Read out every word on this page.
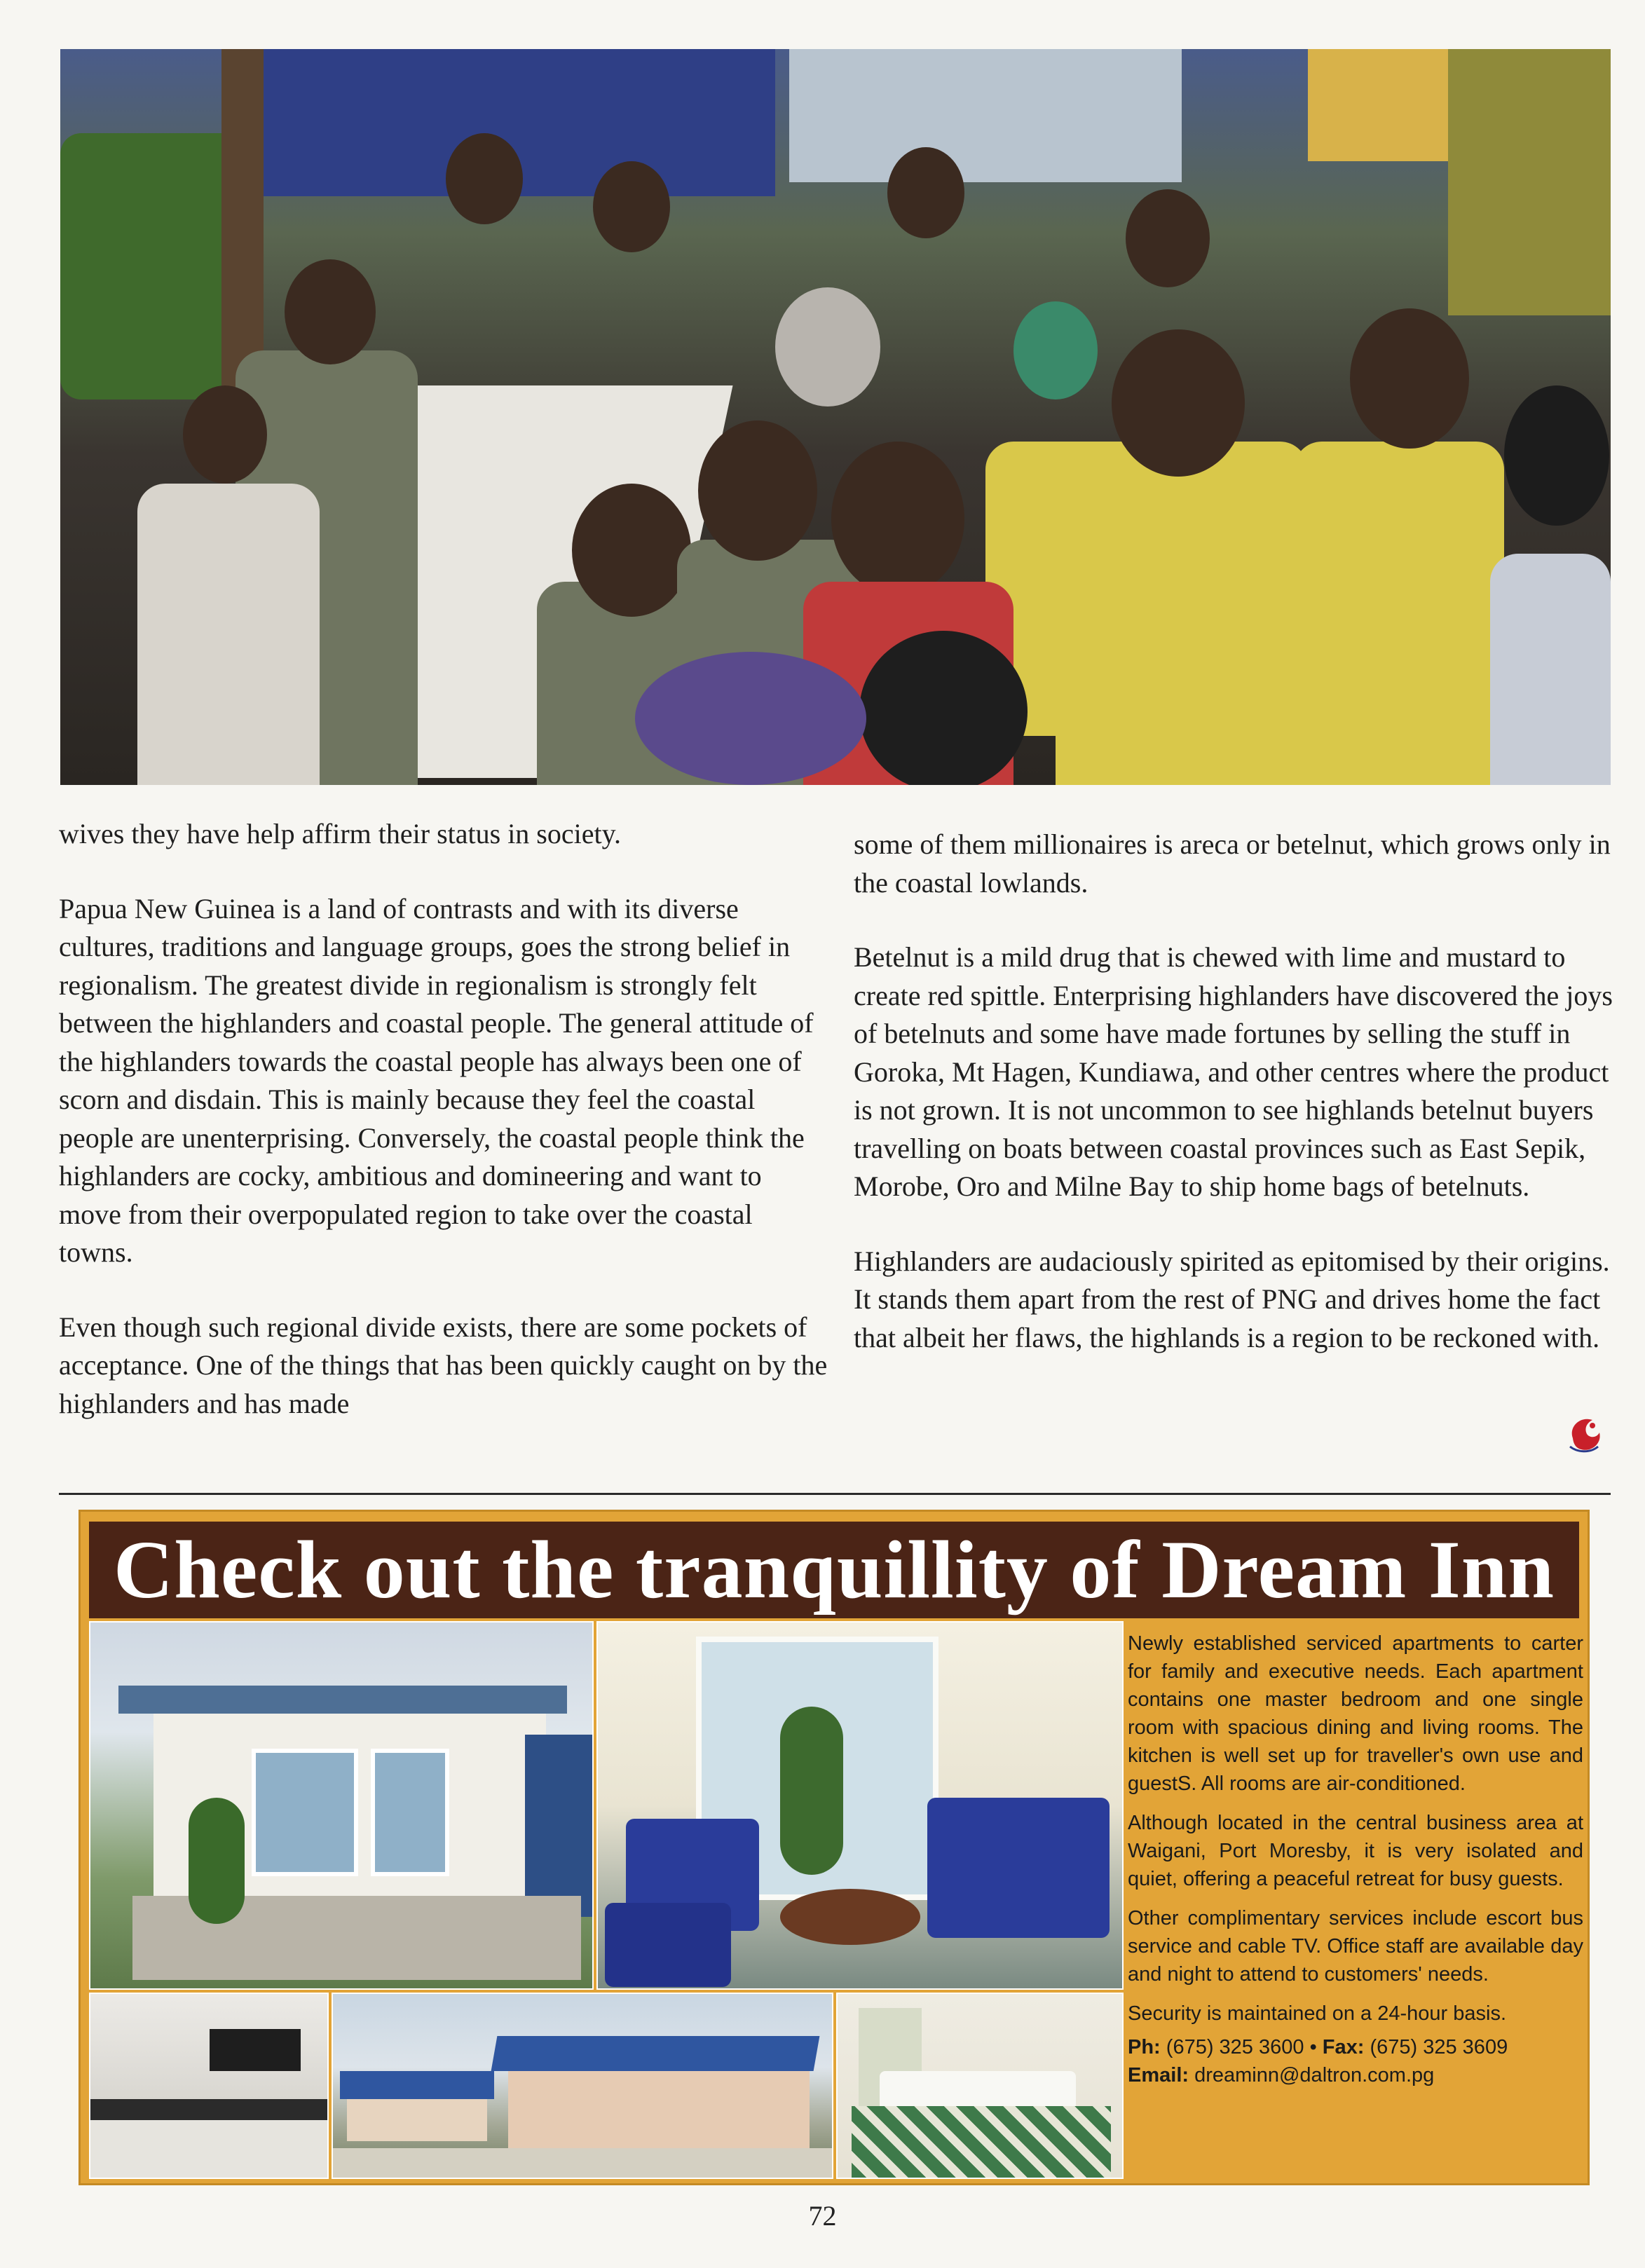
wives they have help affirm their status in society.

Papua New Guinea is a land of contrasts and with its diverse cultures, traditions and language groups, goes the strong belief in regionalism. The greatest divide in regionalism is strongly felt between the highlanders and coastal people. The general attitude of the highlanders towards the coastal people has always been one of scorn and disdain. This is mainly because they feel the coastal people are unenterprising. Conversely, the coastal people think the highlanders are cocky, ambitious and domineering and want to move from their overpopulated region to take over the coastal towns.

Even though such regional divide exists, there are some pockets of acceptance. One of the things that has been quickly caught on by the highlanders and has made

some of them millionaires is areca or betelnut, which grows only in the coastal lowlands.

Betelnut is a mild drug that is chewed with lime and mustard to create red spittle. Enterprising highlanders have discovered the joys of betelnuts and some have made fortunes by selling the stuff in Goroka, Mt Hagen, Kundiawa, and other centres where the product is not grown. It is not uncommon to see highlands betelnut buyers travelling on boats between coastal provinces such as East Sepik, Morobe, Oro and Milne Bay to ship home bags of betelnuts.

Highlanders are audaciously spirited as epitomised by their origins. It stands them apart from the rest of PNG and drives home the fact that albeit her flaws, the highlands is a region to be reckoned with.

Check out the tranquillity of Dream Inn

Newly established serviced apartments to carter for family and executive needs. Each apartment contains one master bedroom and one single room with spacious dining and living rooms. The kitchen is well set up for traveller's own use and guestS. All rooms are air-conditioned.

Although located in the central business area at Waigani, Port Moresby, it is very isolated and quiet, offering a peaceful retreat for busy guests.

Other complimentary services include escort bus service and cable TV. Office staff are available day and night to attend to customers' needs.

Security is maintained on a 24-hour basis.

Ph: (675) 325 3600 • Fax: (675) 325 3609
Email: dreaminn@daltron.com.pg
72
